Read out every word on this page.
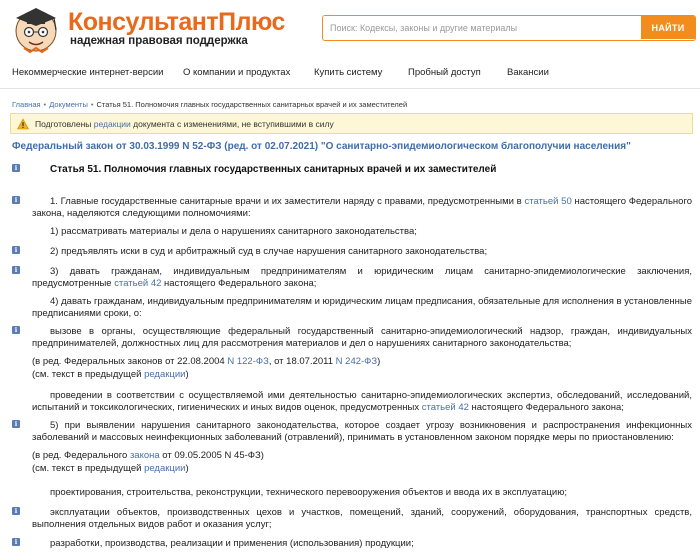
КонсультантПлюс
надежная правовая поддержка
Поиск: Кодексы, законы и другие материалы
НАЙТИ
Некоммерческие интернет-версии О компании и продуктах Купить систему	Пробный доступ	Вакансии
Главная • Документы • Статья 51. Полномочия главных государственных санитарных врачей и их заместителей
Подготовлены редакции документа с изменениями, не вступившими в силу
Федеральный закон от 30.03.1999 N 52-ФЗ (ред. от 02.07.2021) "О санитарно-эпидемиологическом благополучии населения"
i	Статья 51. Полномочия главных государственных санитарных врачей и их заместителей
i	1. Главные государственные санитарные врачи и их заместители наряду с правами, предусмотренными в статьей 50 настоящего Федерального закона, наделяются следующими полномочиями:
1) рассматривать материалы и дела о нарушениях санитарного законодательства;
i	2) предъявлять иски в суд и арбитражный суд в случае нарушения санитарного законодательства;
i	3) давать гражданам, индивидуальным предпринимателям и юридическим лицам санитарно-эпидемиологические заключения, предусмотренные статьей 42 настоящего Федерального закона;
4) давать гражданам, индивидуальным предпринимателям и юридическим лицам предписания, обязательные для исполнения в установленные предписаниями сроки, о:
i	вызове в органы, осуществляющие федеральный государственный санитарно-эпидемиологический надзор, граждан, индивидуальных предпринимателей, должностных лиц для рассмотрения материалов и дел о нарушениях санитарного законодательства;
(в ред. Федеральных законов от 22.08.2004 N 122-ФЗ, от 18.07.2011 N 242-ФЗ)
(см. текст в предыдущей редакции)
проведении в соответствии с осуществляемой ими деятельностью санитарно-эпидемиологических экспертиз, обследований, исследований, испытаний и токсикологических, гигиенических и иных видов оценок, предусмотренных статьей 42 настоящего Федерального закона;
i	5) при выявлении нарушения санитарного законодательства, которое создает угрозу возникновения и распространения инфекционных заболеваний и массовых неинфекционных заболеваний (отравлений), принимать в установленном законом порядке меры по приостановлению:
(в ред. Федерального закона от 09.05.2005 N 45-ФЗ)
(см. текст в предыдущей редакции)
проектирования, строительства, реконструкции, технического перевооружения объектов и ввода их в эксплуатацию;
i	эксплуатации объектов, производственных цехов и участков, помещений, зданий, сооружений, оборудования, транспортных средств, выполнения отдельных видов работ и оказания услуг;
i	разработки, производства, реализации и применения (использования) продукции;
